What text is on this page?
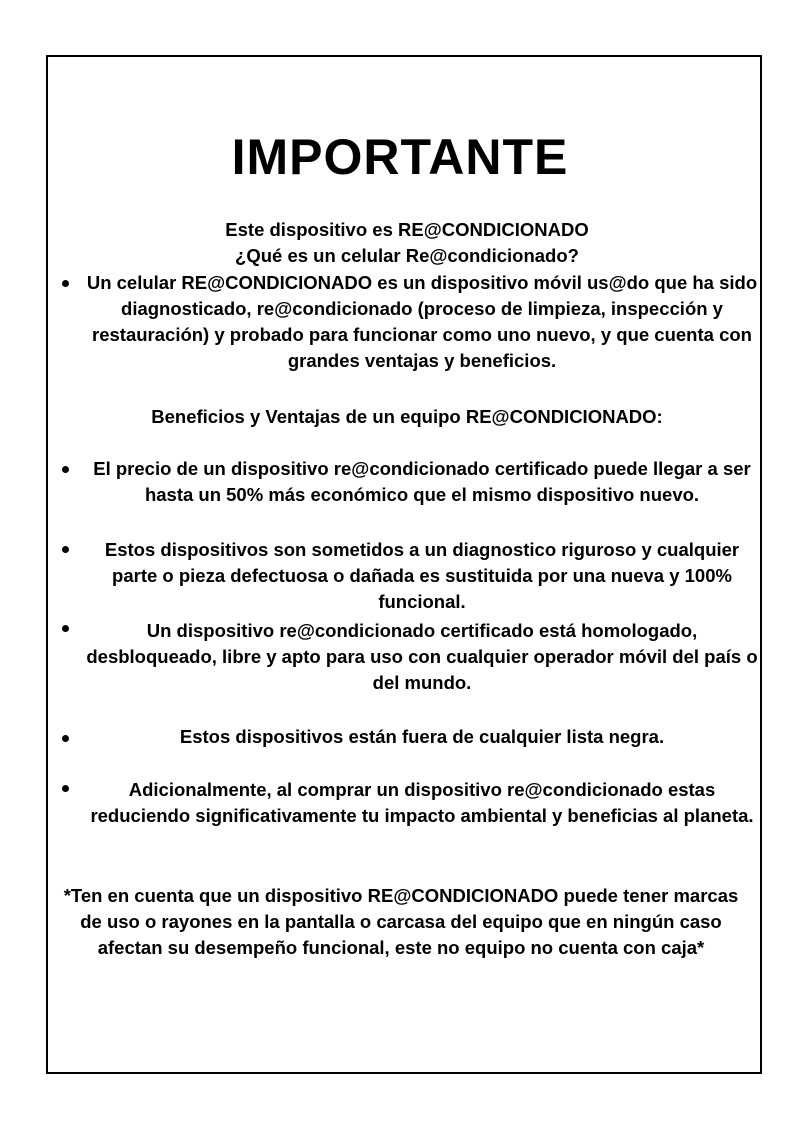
IMPORTANTE
Este dispositivo es RE@CONDICIONADO
¿Qué es un celular Re@condicionado?
Un celular RE@CONDICIONADO es un dispositivo móvil us@do que ha sido diagnosticado, re@condicionado (proceso de limpieza, inspección y restauración) y probado para funcionar como uno nuevo, y que cuenta con grandes ventajas y beneficios.
Beneficios y Ventajas de un equipo RE@CONDICIONADO:
El precio de un dispositivo re@condicionado certificado puede llegar a ser hasta un 50% más económico que el mismo dispositivo nuevo.
Estos dispositivos son sometidos a un diagnostico riguroso y cualquier parte o pieza defectuosa o dañada es sustituida por una nueva y 100% funcional.
Un dispositivo re@condicionado certificado está homologado, desbloqueado, libre y apto para uso con cualquier operador móvil del país o del mundo.
Estos dispositivos están fuera de cualquier lista negra.
Adicionalmente, al comprar un dispositivo re@condicionado estas reduciendo significativamente tu impacto ambiental y beneficias al planeta.
*Ten en cuenta que un dispositivo RE@CONDICIONADO puede tener marcas de uso o rayones en la pantalla o carcasa del equipo que en ningún caso afectan su desempeño funcional, este no equipo no cuenta con caja*
